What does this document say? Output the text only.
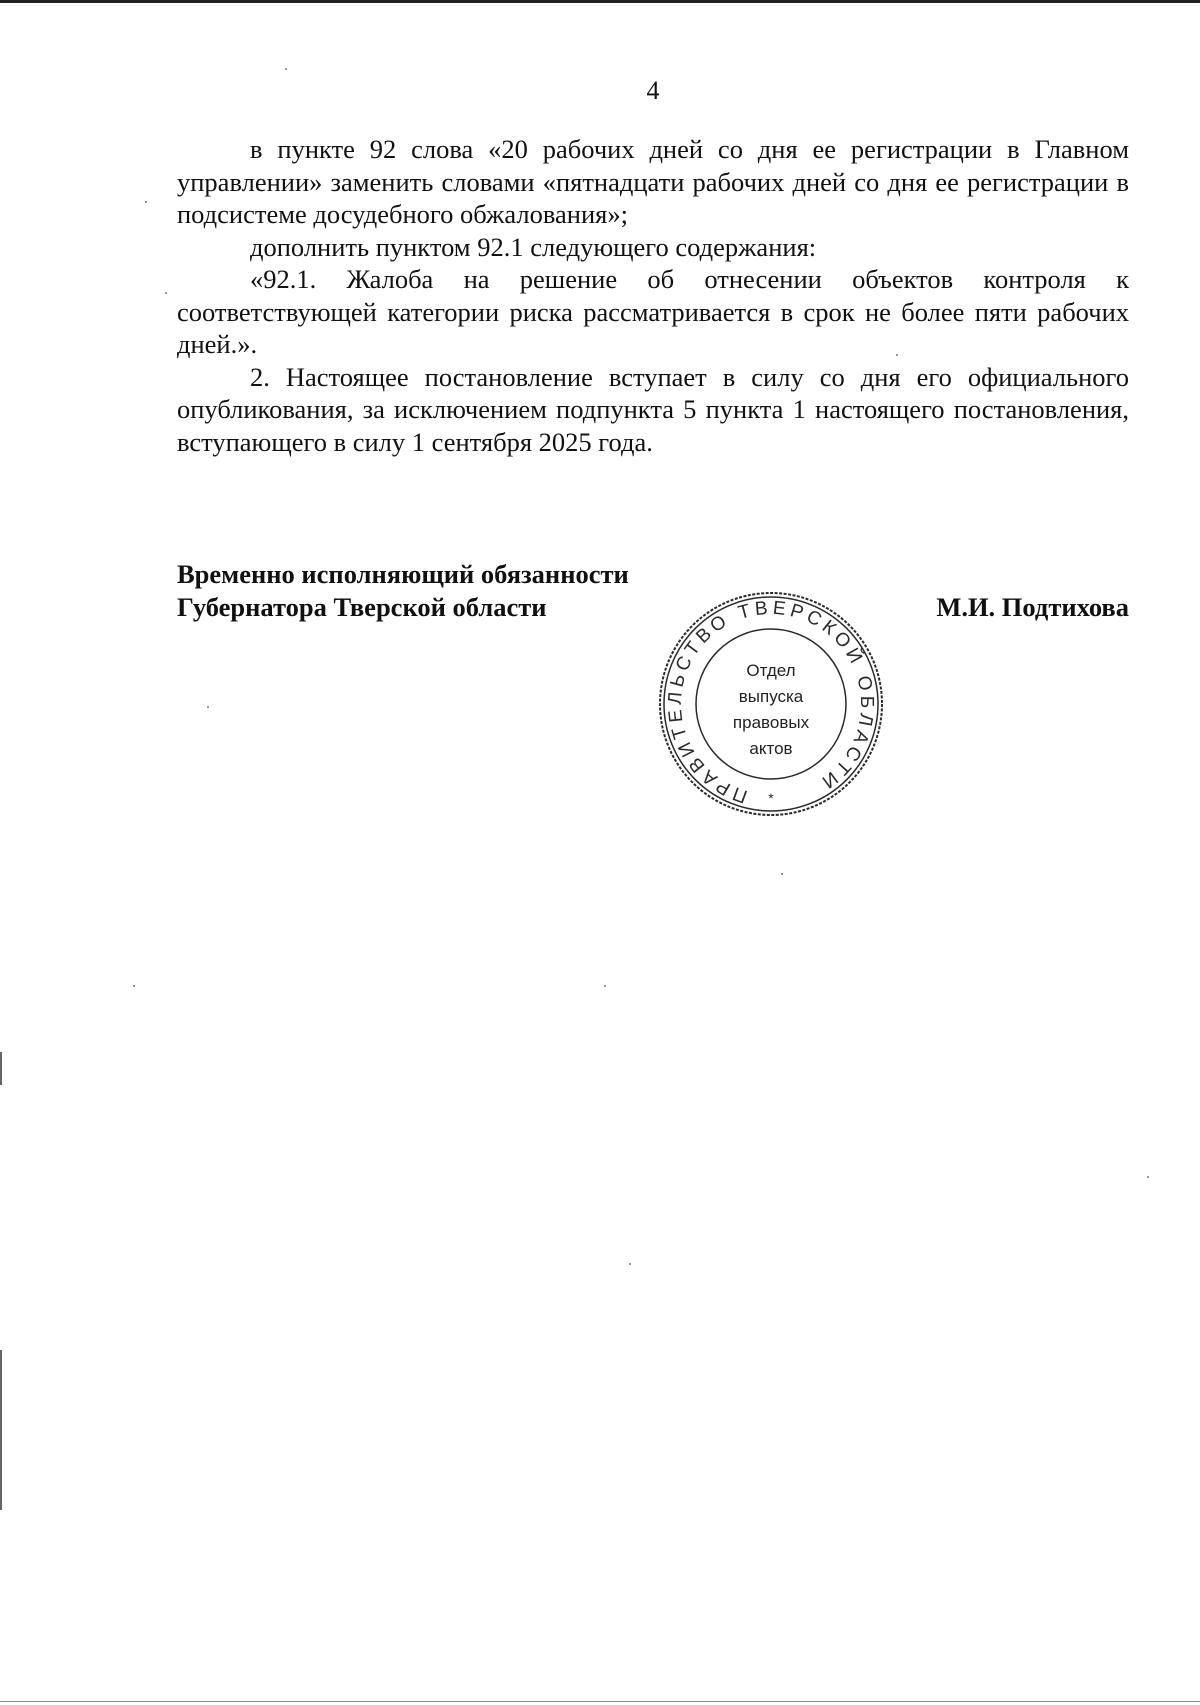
4

в пункте 92 слова «20 рабочих дней со дня ее регистрации в Главном управлении» заменить словами «пятнадцати рабочих дней со дня ее регистрации в подсистеме досудебного обжалования»;

дополнить пунктом 92.1 следующего содержания:

«92.1. Жалоба на решение об отнесении объектов контроля к соответствующей категории риска рассматривается в срок не более пяти рабочих дней.».

2. Настоящее постановление вступает в силу со дня его официального опубликования, за исключением подпункта 5 пункта 1 настоящего постановления, вступающего в силу 1 сентября 2025 года.

Временно исполняющий обязанности
Губернатора Тверской области
ПРАВИТЕЛЬСТВО ТВЕРСКОЙ ОБЛАСТИ
*
Отдел
выпуска
правовых
актов
М.И. Подтихова
